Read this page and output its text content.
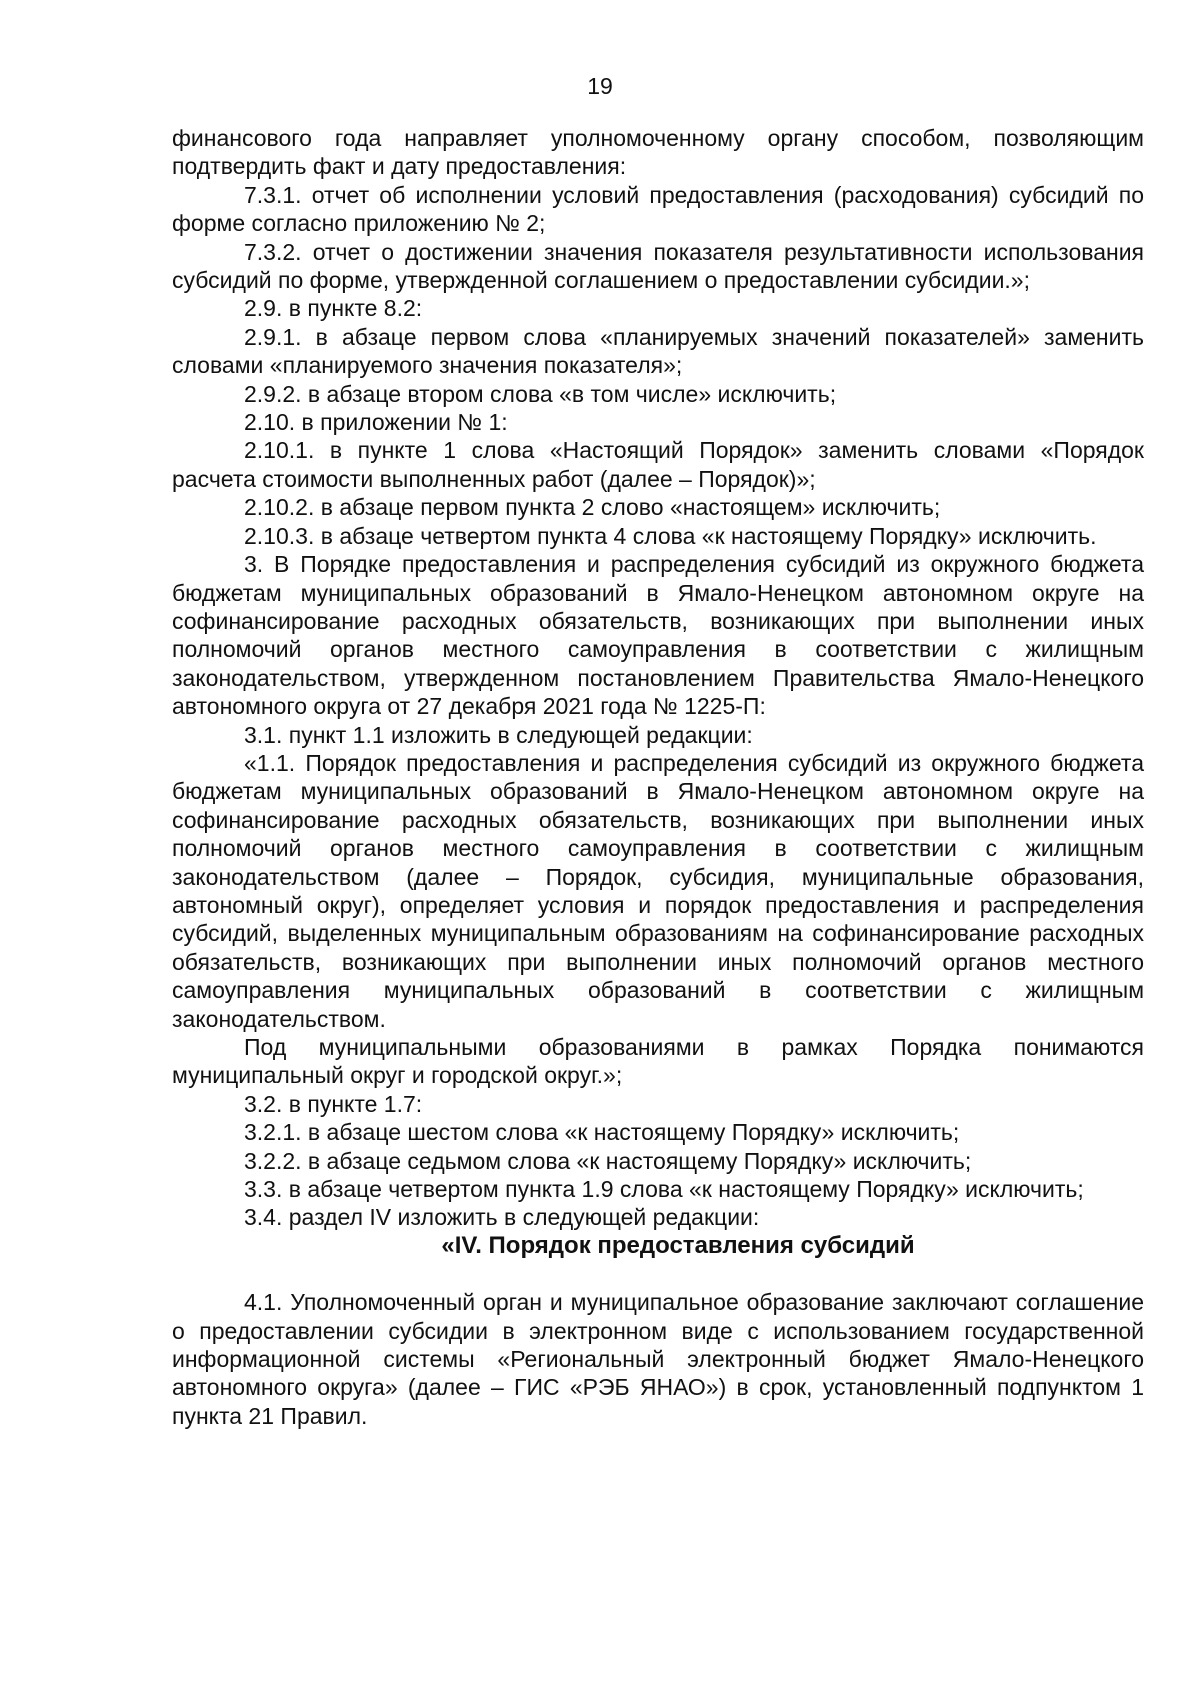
19

финансового года направляет уполномоченному органу способом, позволяющим подтвердить факт и дату предоставления:

7.3.1. отчет об исполнении условий предоставления (расходования) субсидий по форме согласно приложению № 2;

7.3.2. отчет о достижении значения показателя результативности использования субсидий по форме, утвержденной соглашением о предоставлении субсидии.»;

2.9. в пункте 8.2:

2.9.1. в абзаце первом слова «планируемых значений показателей» заменить словами «планируемого значения показателя»;

2.9.2. в абзаце втором слова «в том числе» исключить;

2.10. в приложении № 1:

2.10.1. в пункте 1 слова «Настоящий Порядок» заменить словами «Порядок расчета стоимости выполненных работ (далее – Порядок)»;

2.10.2. в абзаце первом пункта 2 слово «настоящем» исключить;

2.10.3. в абзаце четвертом пункта 4 слова «к настоящему Порядку» исключить.

3. В Порядке предоставления и распределения субсидий из окружного бюджета бюджетам муниципальных образований в Ямало-Ненецком автономном округе на софинансирование расходных обязательств, возникающих при выполнении иных полномочий органов местного самоуправления в соответствии с жилищным законодательством, утвержденном постановлением Правительства Ямало-Ненецкого автономного округа от 27 декабря 2021 года № 1225-П:

3.1. пункт 1.1 изложить в следующей редакции:

«1.1. Порядок предоставления и распределения субсидий из окружного бюджета бюджетам муниципальных образований в Ямало-Ненецком автономном округе на софинансирование расходных обязательств, возникающих при выполнении иных полномочий органов местного самоуправления в соответствии с жилищным законодательством (далее – Порядок, субсидия, муниципальные образования, автономный округ), определяет условия и порядок предоставления и распределения субсидий, выделенных муниципальным образованиям на софинансирование расходных обязательств, возникающих при выполнении иных полномочий органов местного самоуправления муниципальных образований в соответствии с жилищным законодательством.

Под муниципальными образованиями в рамках Порядка понимаются муниципальный округ и городской округ.»;

3.2. в пункте 1.7:

3.2.1. в абзаце шестом слова «к настоящему Порядку» исключить;

3.2.2. в абзаце седьмом слова «к настоящему Порядку» исключить;

3.3. в абзаце четвертом пункта 1.9 слова «к настоящему Порядку» исключить;

3.4. раздел IV изложить в следующей редакции:

«IV. Порядок предоставления субсидий

4.1. Уполномоченный орган и муниципальное образование заключают соглашение о предоставлении субсидии в электронном виде с использованием государственной информационной системы «Региональный электронный бюджет Ямало-Ненецкого автономного округа» (далее – ГИС «РЭБ ЯНАО») в срок, установленный подпунктом 1 пункта 21 Правил.
